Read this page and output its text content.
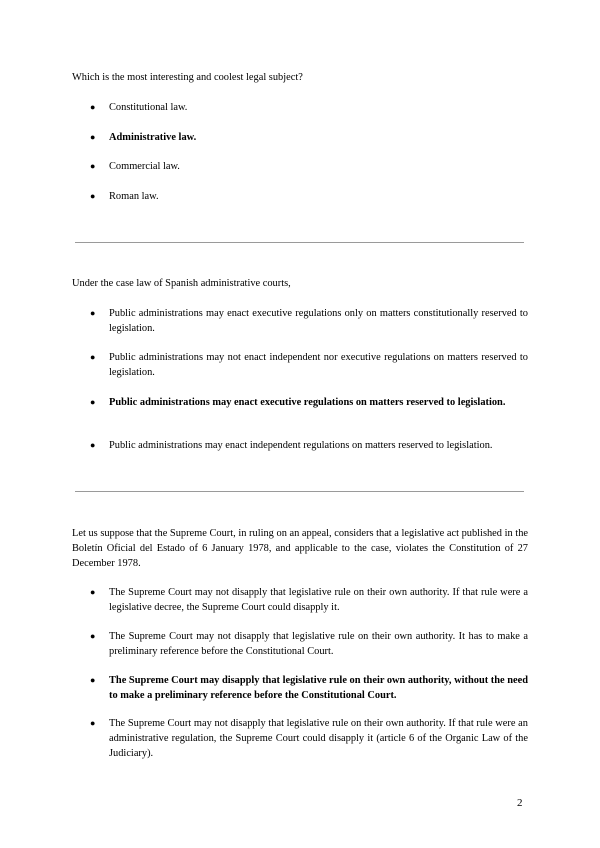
Which is the most interesting and coolest legal subject?
● Constitutional law.
● Administrative law.
● Commercial law.
● Roman law.
Under the case law of Spanish administrative courts,
● Public administrations may enact executive regulations only on matters constitutionally reserved to legislation.
● Public administrations may not enact independent nor executive regulations on matters reserved to legislation.
● Public administrations may enact executive regulations on matters reserved to legislation.
● Public administrations may enact independent regulations on matters reserved to legislation.
Let us suppose that the Supreme Court, in ruling on an appeal, considers that a legislative act published in the Boletín Oficial del Estado of 6 January 1978, and applicable to the case, violates the Constitution of 27 December 1978.
● The Supreme Court may not disapply that legislative rule on their own authority. If that rule were a legislative decree, the Supreme Court could disapply it.
● The Supreme Court may not disapply that legislative rule on their own authority. It has to make a preliminary reference before the Constitutional Court.
● The Supreme Court may disapply that legislative rule on their own authority, without the need to make a preliminary reference before the Constitutional Court.
● The Supreme Court may not disapply that legislative rule on their own authority. If that rule were an administrative regulation, the Supreme Court could disapply it (article 6 of the Organic Law of the Judiciary).
2
